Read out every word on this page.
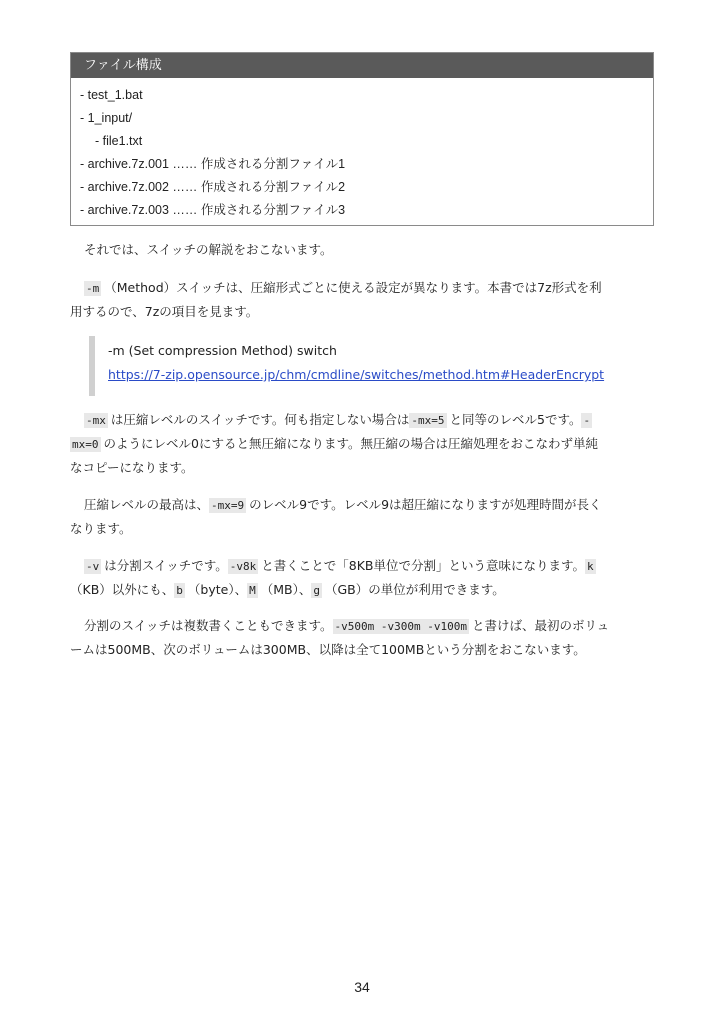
ファイル構成
- test_1.bat
- 1_input/
- file1.txt
- archive.7z.001 …… 作成される分割ファイル1
- archive.7z.002 …… 作成される分割ファイル2
- archive.7z.003 …… 作成される分割ファイル3
それでは、スイッチの解説をおこないます。
-m （Method）スイッチは、圧縮形式ごとに使える設定が異なります。本書では7z形式を利
用するので、7zの項目を見ます。
-m (Set compression Method) switch
https://7-zip.opensource.jp/chm/cmdline/switches/method.htm#HeaderEncrypt
-mx は圧縮レベルのスイッチです。何も指定しない場合は -mx=5 と同等のレベル5です。 -
mx=0 のようにレベル0にすると無圧縮になります。無圧縮の場合は圧縮処理をおこなわず単純
なコピーになります。
圧縮レベルの最高は、 -mx=9 のレベル9です。レベル9は超圧縮になりますが処理時間が長く
なります。
-v は分割スイッチです。 -v8k と書くことで「8KB単位で分割」という意味になります。 k
（KB）以外にも、 b （byte）、 M （MB）、 g （GB）の単位が利用できます。
分割のスイッチは複数書くこともできます。 -v500m -v300m -v100m と書けば、最初のボリュ
ームは500MB、次のボリュームは300MB、以降は全て100MBという分割をおこないます。
34
